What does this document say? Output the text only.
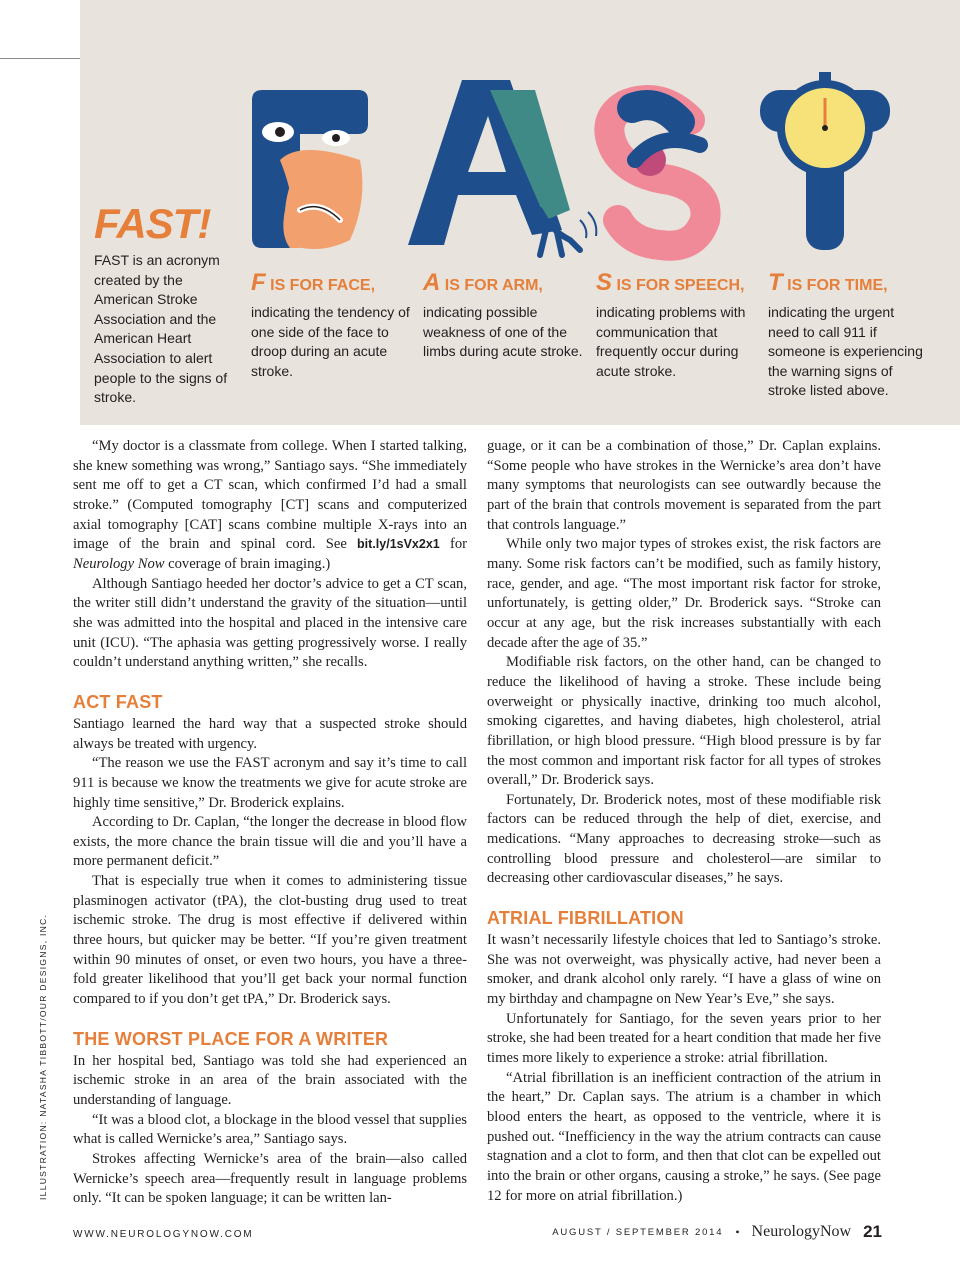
FAST!
FAST is an acronym created by the American Stroke Association and the American Heart Association to alert people to the signs of stroke.
F IS FOR FACE,
indicating the tendency of one side of the face to droop during an acute stroke.
A IS FOR ARM,
indicating possible weakness of one of the limbs during acute stroke.
S IS FOR SPEECH,
indicating problems with communication that frequently occur during acute stroke.
T IS FOR TIME,
indicating the urgent need to call 911 if someone is experiencing the warning signs of stroke listed above.

“My doctor is a classmate from college. When I started talking, she knew something was wrong,” Santiago says. “She immediately sent me off to get a CT scan, which confirmed I’d had a small stroke.” (Computed tomography [CT] scans and computerized axial tomography [CAT] scans combine multiple X-rays into an image of the brain and spinal cord. See bit.ly/1sVx2x1 for Neurology Now coverage of brain imaging.)

Although Santiago heeded her doctor’s advice to get a CT scan, the writer still didn’t understand the gravity of the situation—until she was admitted into the hospital and placed in the intensive care unit (ICU). “The aphasia was getting progressively worse. I really couldn’t understand anything written,” she recalls.

ACT FAST

Santiago learned the hard way that a suspected stroke should always be treated with urgency.

“The reason we use the FAST acronym and say it’s time to call 911 is because we know the treatments we give for acute stroke are highly time sensitive,” Dr. Broderick explains.

According to Dr. Caplan, “the longer the decrease in blood flow exists, the more chance the brain tissue will die and you’ll have a more permanent deficit.”

That is especially true when it comes to administering tissue plasminogen activator (tPA), the clot-busting drug used to treat ischemic stroke. The drug is most effective if delivered within three hours, but quicker may be better. “If you’re given treatment within 90 minutes of onset, or even two hours, you have a three-fold greater likelihood that you’ll get back your normal function compared to if you don’t get tPA,” Dr. Broderick says.

THE WORST PLACE FOR A WRITER

In her hospital bed, Santiago was told she had experienced an ischemic stroke in an area of the brain associated with the understanding of language.

“It was a blood clot, a blockage in the blood vessel that supplies what is called Wernicke’s area,” Santiago says.

Strokes affecting Wernicke’s area of the brain—also called Wernicke’s speech area—frequently result in language problems only. “It can be spoken language; it can be written lan-

guage, or it can be a combination of those,” Dr. Caplan explains. “Some people who have strokes in the Wernicke’s area don’t have many symptoms that neurologists can see outwardly because the part of the brain that controls movement is separated from the part that controls language.”

While only two major types of strokes exist, the risk factors are many. Some risk factors can’t be modified, such as family history, race, gender, and age. “The most important risk factor for stroke, unfortunately, is getting older,” Dr. Broderick says. “Stroke can occur at any age, but the risk increases substantially with each decade after the age of 35.”

Modifiable risk factors, on the other hand, can be changed to reduce the likelihood of having a stroke. These include being overweight or physically inactive, drinking too much alcohol, smoking cigarettes, and having diabetes, high cholesterol, atrial fibrillation, or high blood pressure. “High blood pressure is by far the most common and important risk factor for all types of strokes overall,” Dr. Broderick says.

Fortunately, Dr. Broderick notes, most of these modifiable risk factors can be reduced through the help of diet, exercise, and medications. “Many approaches to decreasing stroke—such as controlling blood pressure and cholesterol—are similar to decreasing other cardiovascular diseases,” he says.

ATRIAL FIBRILLATION

It wasn’t necessarily lifestyle choices that led to Santiago’s stroke. She was not overweight, was physically active, had never been a smoker, and drank alcohol only rarely. “I have a glass of wine on my birthday and champagne on New Year’s Eve,” she says.

Unfortunately for Santiago, for the seven years prior to her stroke, she had been treated for a heart condition that made her five times more likely to experience a stroke: atrial fibrillation.

“Atrial fibrillation is an inefficient contraction of the atrium in the heart,” Dr. Caplan says. The atrium is a chamber in which blood enters the heart, as opposed to the ventricle, where it is pushed out. “Inefficiency in the way the atrium contracts can cause stagnation and a clot to form, and then that clot can be expelled out into the brain or other organs, causing a stroke,” he says. (See page 12 for more on atrial fibrillation.)

ILLUSTRATION: NATASHA TIBBOTT/OUR DESIGNS, INC.
WWW.NEUROLOGYNOW.COM	AUGUST / SEPTEMBER 2014 • NeurologyNow 21
